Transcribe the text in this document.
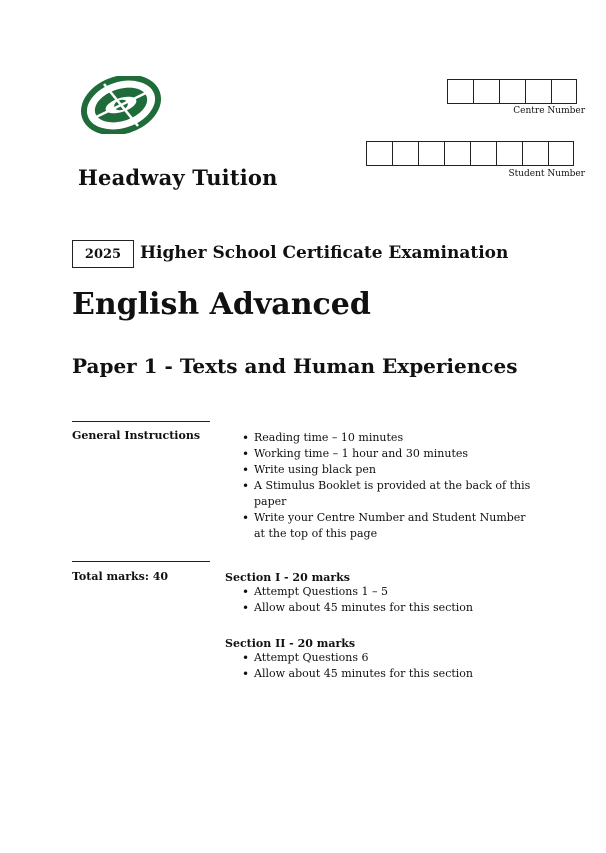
Headway Tuition
Centre Number
Student Number
2025	Higher School Certificate Examination
English Advanced
Paper 1 - Texts and Human Experiences
General Instructions
•	Reading time – 10 minutes
• Working time – 1 hour and 30 minutes
• Write using black pen
• A Stimulus Booklet is provided at the back of this paper
• Write your Centre Number and Student Number at the top of this page
Total marks: 40	Section I - 20 marks
• Attempt Questions 1 – 5
• Allow about 45 minutes for this section
Section II - 20 marks
• Attempt Questions 6
• Allow about 45 minutes for this section
